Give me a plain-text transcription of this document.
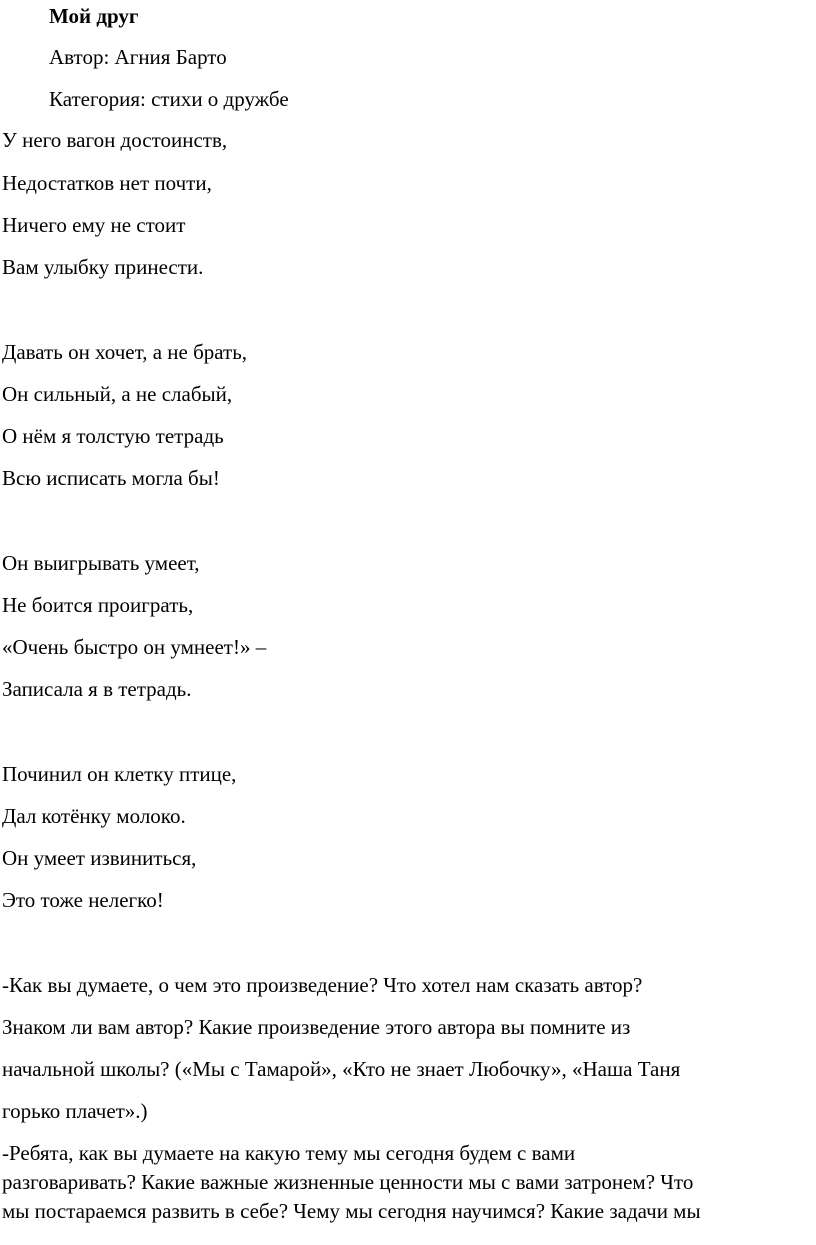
Мой друг
Автор: Агния Барто
Категория: стихи о дружбе
У него вагон достоинств,
Недостатков нет почти,
Ничего ему не стоит
Вам улыбку принести.
Давать он хочет, а не брать,
Он сильный, а не слабый,
О нём я толстую тетрадь
Всю исписать могла бы!
Он выигрывать умеет,
Не боится проиграть,
«Очень быстро он умнеет!» –
Записала я в тетрадь.
Починил он клетку птице,
Дал котёнку молоко.
Он умеет извиниться,
Это тоже нелегко!
-Как вы думаете, о чем это произведение? Что хотел нам сказать автор?
Знаком ли вам автор? Какие произведение этого автора вы помните из
начальной школы? («Мы с Тамарой», «Кто не знает Любочку», «Наша Таня
горько плачет».)
-Ребята, как вы думаете на какую тему мы сегодня будем с вами
разговаривать? Какие важные жизненные ценности мы с вами затронем? Что
мы постараемся развить в себе? Чему мы сегодня научимся? Какие задачи мы
